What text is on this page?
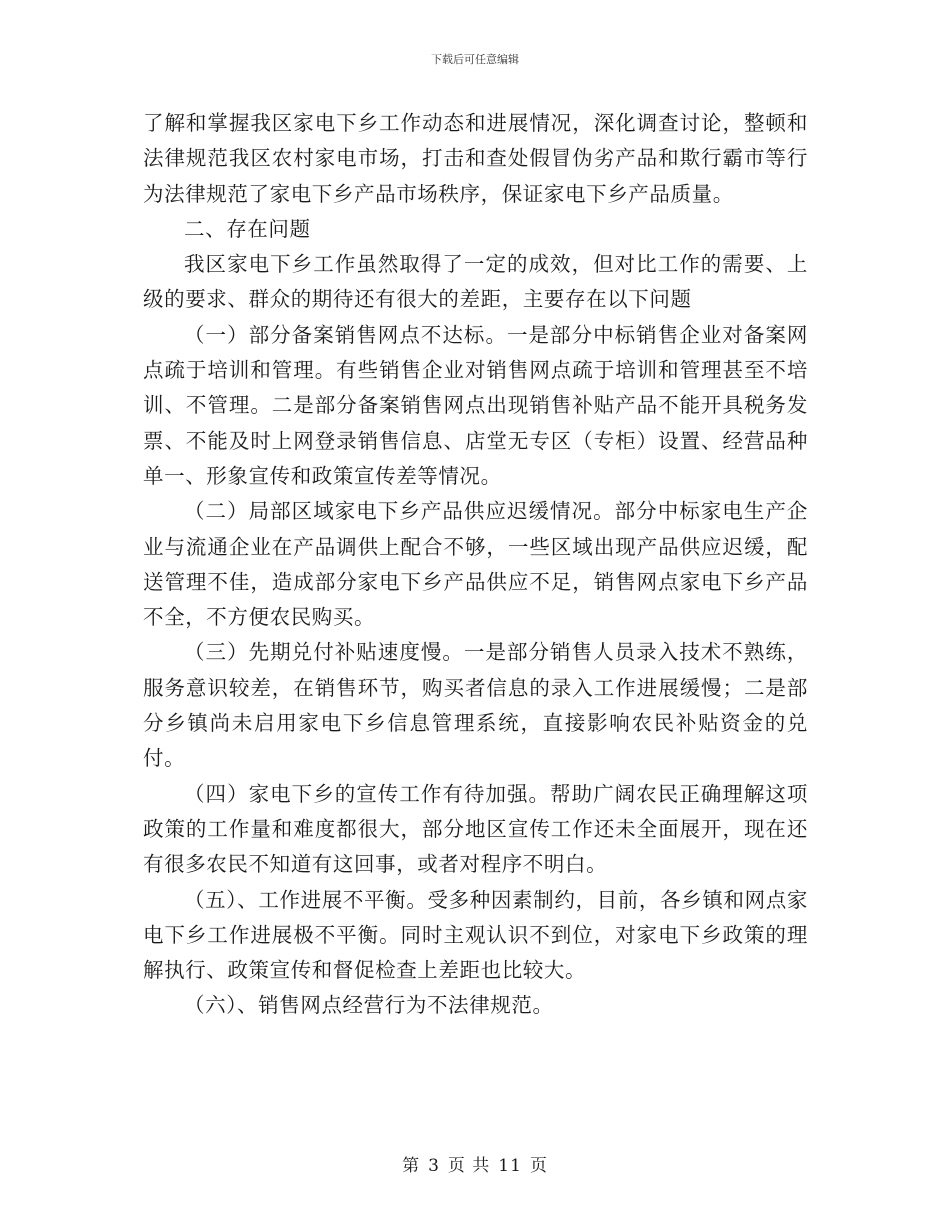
下载后可任意编辑

了解和掌握我区家电下乡工作动态和进展情况，深化调查讨论，整顿和法律规范我区农村家电市场，打击和查处假冒伪劣产品和欺行霸市等行为法律规范了家电下乡产品市场秩序，保证家电下乡产品质量。

二、存在问题

我区家电下乡工作虽然取得了一定的成效，但对比工作的需要、上级的要求、群众的期待还有很大的差距，主要存在以下问题

（一）部分备案销售网点不达标。一是部分中标销售企业对备案网点疏于培训和管理。有些销售企业对销售网点疏于培训和管理甚至不培训、不管理。二是部分备案销售网点出现销售补贴产品不能开具税务发票、不能及时上网登录销售信息、店堂无专区（专柜）设置、经营品种单一、形象宣传和政策宣传差等情况。

（二）局部区域家电下乡产品供应迟缓情况。部分中标家电生产企业与流通企业在产品调供上配合不够，一些区域出现产品供应迟缓，配送管理不佳，造成部分家电下乡产品供应不足，销售网点家电下乡产品不全，不方便农民购买。

（三）先期兑付补贴速度慢。一是部分销售人员录入技术不熟练，服务意识较差，在销售环节，购买者信息的录入工作进展缓慢；二是部分乡镇尚未启用家电下乡信息管理系统，直接影响农民补贴资金的兑付。

（四）家电下乡的宣传工作有待加强。帮助广阔农民正确理解这项政策的工作量和难度都很大，部分地区宣传工作还未全面展开，现在还有很多农民不知道有这回事，或者对程序不明白。

（五）、工作进展不平衡。受多种因素制约，目前，各乡镇和网点家电下乡工作进展极不平衡。同时主观认识不到位，对家电下乡政策的理解执行、政策宣传和督促检查上差距也比较大。

（六）、销售网点经营行为不法律规范。

第 3 页 共 11 页
